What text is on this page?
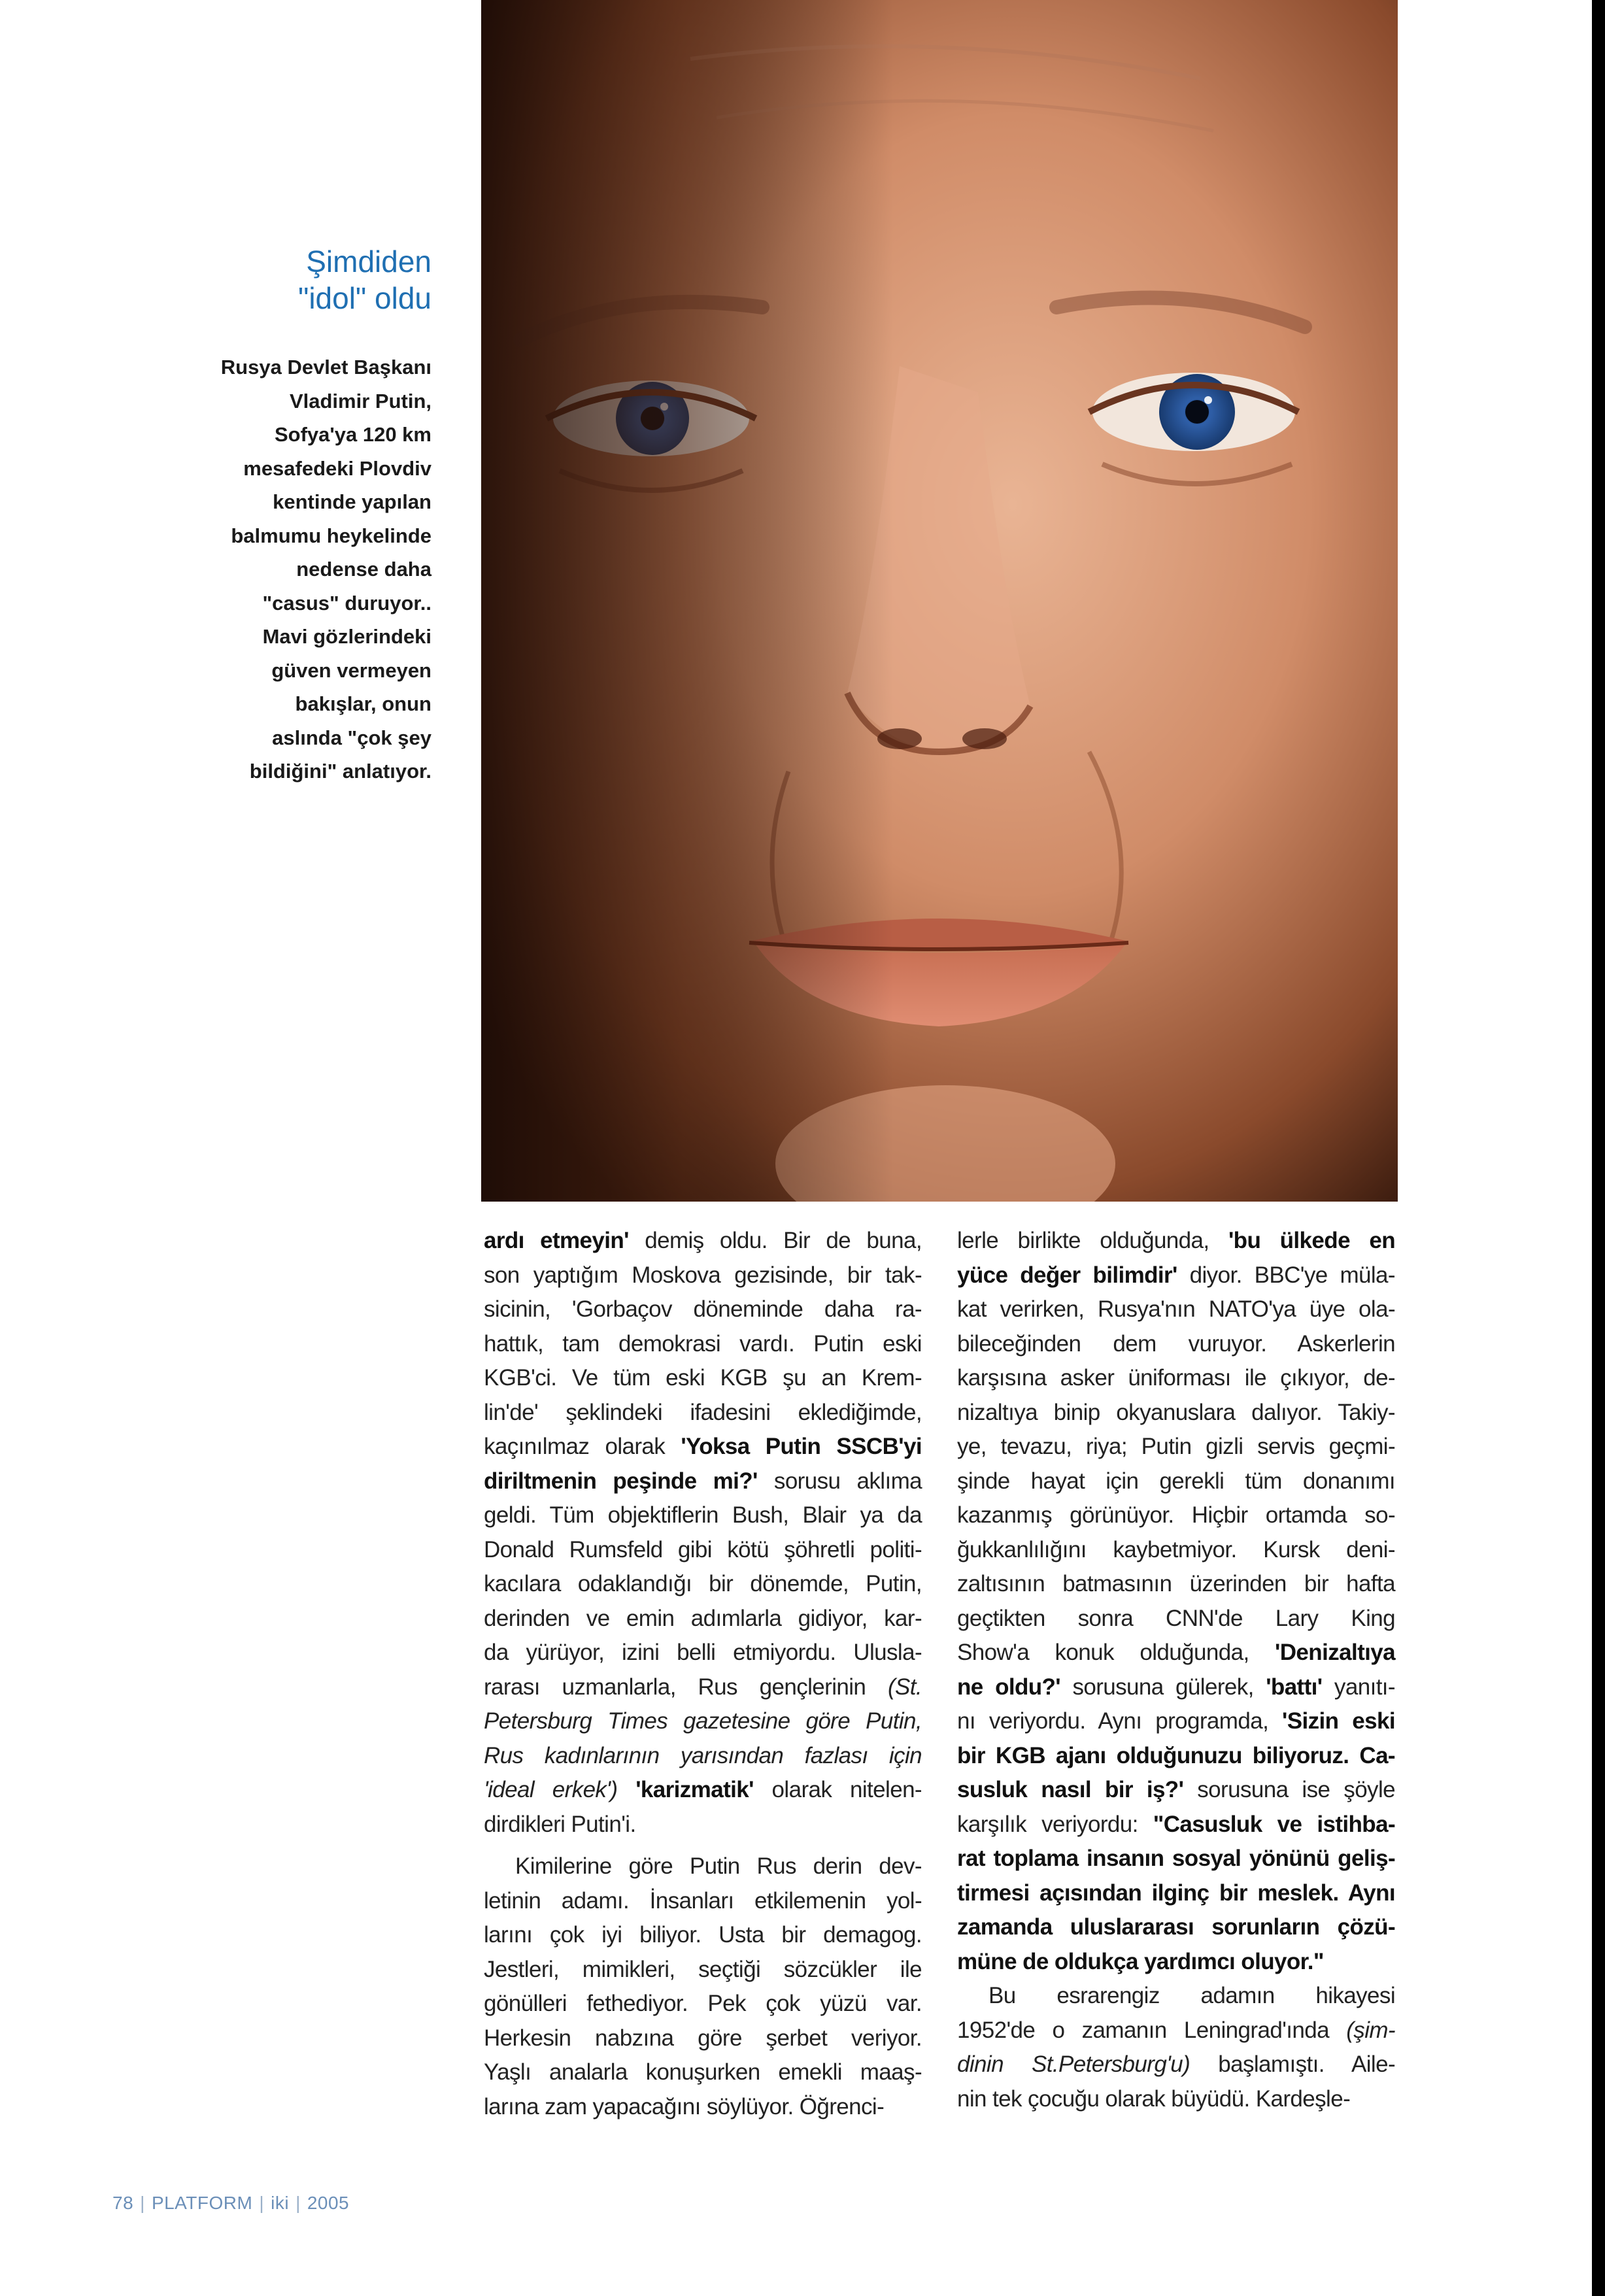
Şimdiden
"idol" oldu

Rusya Devlet Başkanı
Vladimir Putin,
Sofya'ya 120 km
mesafedeki Plovdiv
kentinde yapılan
balmumu heykelinde
nedense daha
"casus" duruyor..
Mavi gözlerindeki
güven vermeyen
bakışlar, onun
aslında "çok şey
bildiğini" anlatıyor.

ardı etmeyin' demiş oldu. Bir de buna,
son yaptığım Moskova gezisinde, bir tak-
sicinin, 'Gorbaçov döneminde daha ra-
hattık, tam demokrasi vardı. Putin eski
KGB'ci. Ve tüm eski KGB şu an Krem-
lin'de' şeklindeki ifadesini eklediğimde,
kaçınılmaz olarak 'Yoksa Putin SSCB'yi
diriltmenin peşinde mi?' sorusu aklıma
geldi. Tüm objektiflerin Bush, Blair ya da
Donald Rumsfeld gibi kötü şöhretli politi-
kacılara odaklandığı bir dönemde, Putin,
derinden ve emin adımlarla gidiyor, kar-
da yürüyor, izini belli etmiyordu. Ulusla-
rarası uzmanlarla, Rus gençlerinin (St.
Petersburg Times gazetesine göre Putin,
Rus kadınlarının yarısından fazlası için
'ideal erkek') 'karizmatik' olarak nitelen-
dirdikleri Putin'i.
Kimilerine göre Putin Rus derin dev-
letinin adamı. İnsanları etkilemenin yol-
larını çok iyi biliyor. Usta bir demagog.
Jestleri, mimikleri, seçtiği sözcükler ile
gönülleri fethediyor. Pek çok yüzü var.
Herkesin nabzına göre şerbet veriyor.
Yaşlı analarla konuşurken emekli maaş-
larına zam yapacağını söylüyor. Öğrenci-
lerle birlikte olduğunda, 'bu ülkede en
yüce değer bilimdir' diyor. BBC'ye müla-
kat verirken, Rusya'nın NATO'ya üye ola-
bileceğinden dem vuruyor. Askerlerin
karşısına asker üniforması ile çıkıyor, de-
nizaltıya binip okyanuslara dalıyor. Takiy-
ye, tevazu, riya; Putin gizli servis geçmi-
şinde hayat için gerekli tüm donanımı
kazanmış görünüyor. Hiçbir ortamda so-
ğukkanlılığını kaybetmiyor. Kursk deni-
zaltısının batmasının üzerinden bir hafta
geçtikten sonra CNN'de Lary King
Show'a konuk olduğunda, 'Denizaltıya
ne oldu?' sorusuna gülerek, 'battı' yanıtı-
nı veriyordu. Aynı programda, 'Sizin eski
bir KGB ajanı olduğunuzu biliyoruz. Ca-
susluk nasıl bir iş?' sorusuna ise şöyle
karşılık veriyordu: "Casusluk ve istihba-
rat toplama insanın sosyal yönünü geliş-
tirmesi açısından ilginç bir meslek. Aynı
zamanda uluslararası sorunların çözü-
müne de oldukça yardımcı oluyor."
Bu esrarengiz adamın hikayesi
1952'de o zamanın Leningrad'ında (şim-
dinin St.Petersburg'u) başlamıştı. Aile-
nin tek çocuğu olarak büyüdü. Kardeşle-
78 | PLATFORM | iki | 2005
